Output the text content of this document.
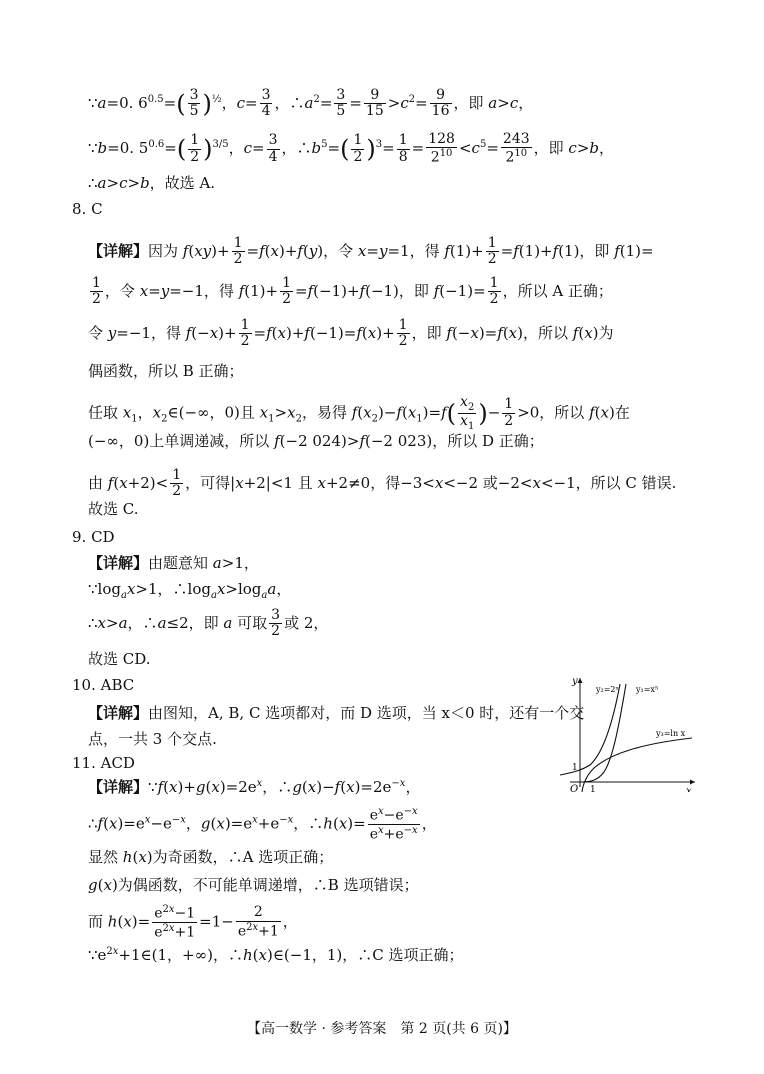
∵a=0. $6^{0.5}=( \frac{3}{5} )^{\frac{1}{2}}$，$c= \frac{3}{4}$ ，$\therefore a^2= \frac{3}{5} = \frac{9}{15} >c^2= \frac{9}{16}$ ，即 a>c，
∵b=0. $5^{0.6}=( \frac{1}{2} )^{3/5}$，$c= \frac{3}{4}$ ，$\therefore b^5=( \frac{1}{2} )^3= \frac{1}{8} = \frac{128}{2^{10}} <c^5= \frac{243}{2^{10}}$ ，即 c>b，
∴a>c>b，故选 A.
8. C
【详解】因为 $f(xy)+ \frac{1}{2} =f(x)+f(y)$，令 x=y=1，得 $f(1)+ \frac{1}{2} =f(1)+f(1)$，即 f(1)=
$\frac{1}{2}$ ，令 x=y=−1，得 $f(1)+ \frac{1}{2} =f(-1)+f(-1)$，即 $f(-1)= \frac{1}{2}$ ，所以 A 正确；
令 y=−1，得 $f(-x)+ \frac{1}{2} =f(x)+f(-1)=f(x)+ \frac{1}{2}$ ，即 f(−x)=f(x)，所以 f(x)为
偶函数，所以 B 正确；
任取 $x_1$，$x_2\in(-\infty$，0)且 $x_1>x_2$，易得 $f(x_2)-f(x_1)=f( \frac{x_2}{x_1}$ )− $\frac{1}{2} >0$，所以 f(x)在
(−∞，0)上单调递减，所以 f(−2 024)>f(−2 023)，所以 D 正确；
由 $f(x+2)< \frac{1}{2}$ ，可得|x+2|<1 且 x+2≠0，得−3<x<−2 或−2<x<−1，所以 C 错误.
故选 C.
9. CD
【详解】由题意知 a>1，
$\because\log_ax>1$，$\therefore\log_ax>\log_aa$，
∴x>a，∴a≤2，即 a 可取 $\frac{3}{2}$ 或 2，
故选 CD.
10. ABC
【详解】由图知，A, B, C 选项都对，而 D 选项，当 x＜0 时，还有一个交
点，一共 3 个交点.
y
x
O 1
1
y₂=2ˣ y₁=x⁵
y₃=ln x
11. ACD
【详解】$\because f(x)+g(x)=2e^x$，$\therefore g(x)-f(x)=2e^{-x}$，
$\therefore f(x)=e^x-e^{-x}$，$g(x)=e^x+e^{-x}$，∴h(x)= $\frac{e^x-e^{-x}}{e^x+e^{-x}}$ ，
显然 h(x)为奇函数，∴A 选项正确；
g(x)为偶函数，不可能单调递增，∴B 选项错误；
而 $h(x)= \frac{e^{2x}-1}{e^{2x}+1} =1- \frac{2}{e^{2x}+1}$ ，
$\because e^{2x}+1\in(1$，+∞)，∴h(x)∈(−1，1)，∴C 选项正确；
【高一数学 · 参考答案　第 2 页(共 6 页)】
